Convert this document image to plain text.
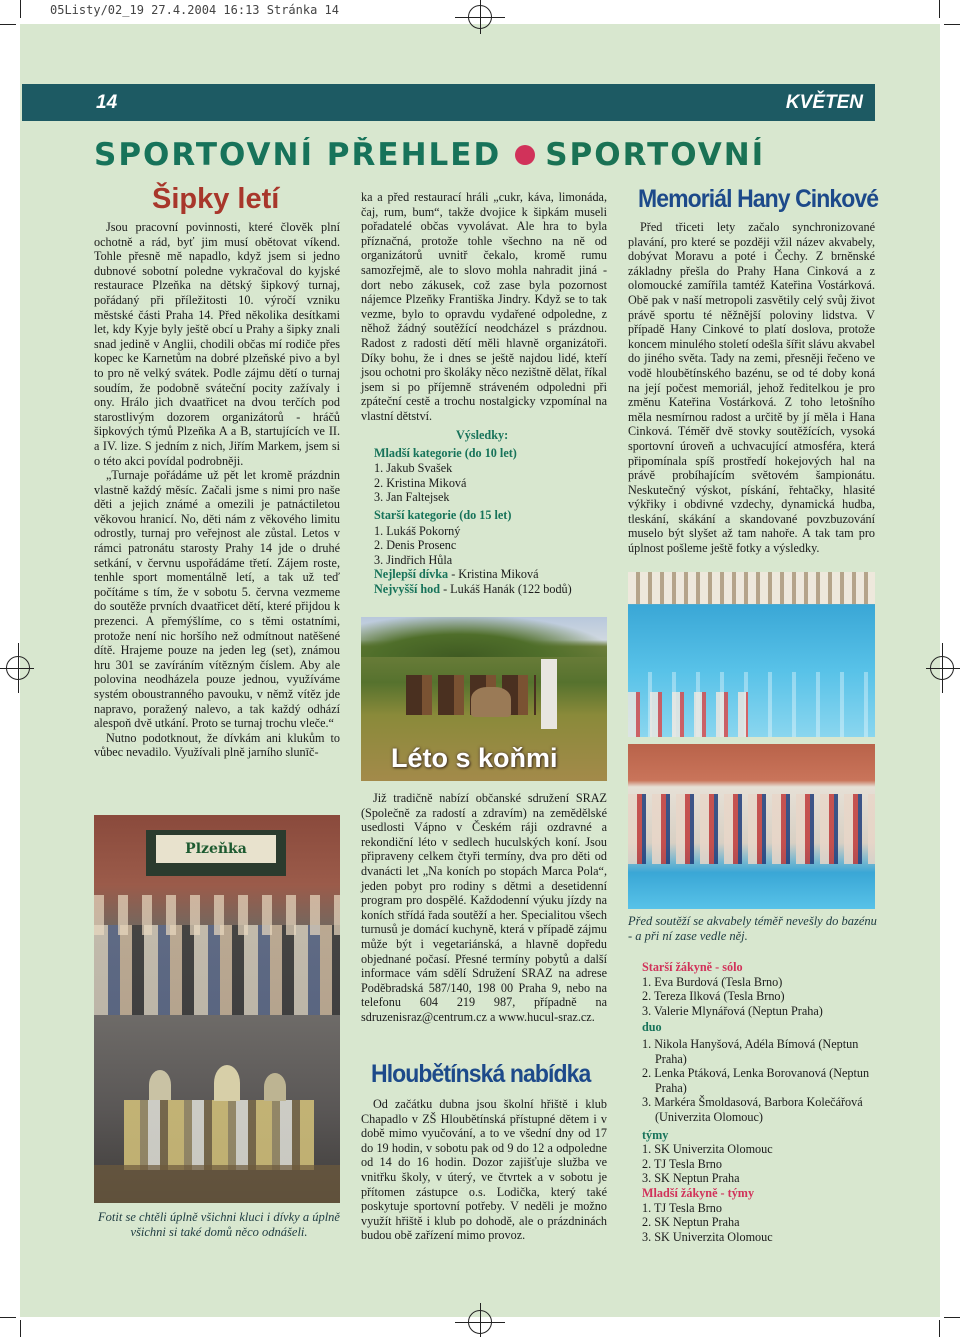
05Listy/02_19 27.4.2004 16:13 Stránka 14
14	KVĚTEN
SPORTOVNÍ PŘEHLED SPORTOVNÍ
Šipky letí

Jsou pracovní povinnosti, které člověk plní ochotně a rád, byť jim musí obětovat víkend. Tohle přesně mě napadlo, když jsem si jedno dubnové sobotní poledne vykračoval do kyjské restaurace Plzeňka na dětský šipkový turnaj, pořádaný při příležitosti 10. výročí vzniku městské části Praha 14. Před několika desítkami let, kdy Kyje byly ještě obcí u Prahy a šipky znali snad jedině v Anglii, chodili občas mí rodiče přes kopec ke Karnetům na dobré plzeňské pivo a byl to pro ně velký svátek. Podle zájmu dětí o turnaj soudím, že podobně sváteční pocity zažívaly i ony. Hrálo jich dvaatřicet na dvou terčích pod starostlivým dozorem organizátorů - hráčů šipkových týmů Plzeňka A a B, startujících ve II. a IV. lize. S jedním z nich, Jiřím Markem, jsem si o této akci povídal podrobněji.

„Turnaje pořádáme už pět let kromě prázdnin vlastně každý měsíc. Začali jsme s nimi pro naše děti a jejich známé a omezili je patnáctiletou věkovou hranicí. No, děti nám z věkového limitu odrostly, turnaj pro veřejnost ale zůstal. Letos v rámci patronátu starosty Prahy 14 jde o druhé setkání, v červnu uspořádáme třetí. Zájem roste, tenhle sport momentálně letí, a tak už teď počítáme s tím, že v sobotu 5. června vezmeme do soutěže prvních dvaatřicet dětí, které přijdou k prezenci. A přemýšlíme, co s těmi ostatními, protože není nic horšího než odmítnout natěšené dítě. Hrajeme pouze na jeden leg (set), známou hru 301 se zavíráním vítězným číslem. Aby ale polovina neodházela pouze jednou, využíváme systém oboustranného pavouku, v němž vítěz jde napravo, poražený nalevo, a tak každý odhází alespoň dvě utkání. Proto se turnaj trochu vleče.“

Nutno podotknout, že dívkám ani klukům to vůbec nevadilo. Využívali plně jarního slunīč-

Plzeňka
Fotit se chtěli úplně všichni kluci i dívky a úplně všichni si také domů něco odnášeli.

ka a před restaurací hráli „cukr, káva, limonáda, čaj, rum, bum“, takže dvojice k šipkám museli pořadatelé občas vyvolávat. Ale hra to byla příznačná, protože tohle všechno na ně od organizátorů uvnitř čekalo, kromě rumu samozřejmě, ale to slovo mohla nahradit jiná - dort nebo zákusek, což zase byla pozornost nájemce Plzeňky Františka Jindry. Když se to tak vezme, bylo to opravdu vydařené odpoledne, z něhož žádný soutěžící neodcházel s prázdnou. Radost z radosti dětí měli hlavně organizátoři. Díky bohu, že i dnes se ještě najdou lidé, kteří jsou ochotni pro školáky něco nezištně dělat, říkal jsem si po příjemně stráveném odpoledni při zpáteční cestě a trochu nostalgicky vzpomínal na vlastní dětství.

Výsledky:
Mladší kategorie (do 10 let)
1. Jakub Svašek
2. Kristina Miková
3. Jan Faltejsek
Starší kategorie (do 15 let)
1. Lukáš Pokorný
2. Denis Prosenc
3. Jindřich Hůla
Nejlepší dívka - Kristina Miková
Nejvyšší hod - Lukáš Hanák (122 bodů)
Léto s koňmi

Již tradičně nabízí občanské sdružení SRAZ (Společně za radostí a zdravím) na zemědělské usedlosti Vápno v Českém ráji ozdravné a rekondiční léto v sedlech huculských koní. Jsou připraveny celkem čtyři termíny, dva pro děti od dvanácti let „Na koních po stopách Marca Pola“, jeden pobyt pro rodiny s dětmi a desetidenní program pro dospělé. Každodenní výuku jízdy na koních střídá řada soutěží a her. Specialitou všech turnusů je domácí kuchyně, která v případě zájmu může být i vegetariánská, a hlavně dopředu objednané počasí. Přesné termíny pobytů a další informace vám sdělí Sdružení SRAZ na adrese Poděbradská 587/140, 198 00 Praha 9, nebo na telefonu 604 219 987, případně na sdruzenisraz@centrum.cz a www.hucul-sraz.cz.

Hloubětínská nabídka

Od začátku dubna jsou školní hřiště i klub Chapadlo v ZŠ Hloubětínská přístupné dětem i v době mimo vyučování, a to ve všední dny od 17 do 19 hodin, v sobotu pak od 9 do 12 a odpoledne od 14 do 16 hodin. Dozor zajišťuje služba ve vnitřku školy, v úterý, ve čtvrtek a v sobotu je přítomen zástupce o.s. Lodička, který také poskytuje sportovní potřeby. V neděli je možno využít hřiště i klub po dohodě, ale o prázdninách budou obě zařízení mimo provoz.

Memoriál Hany Cinkové

Před třiceti lety začalo synchronizované plavání, pro které se později vžil název akvabely, dobývat Moravu a poté i Čechy. Z brněnské základny přešla do Prahy Hana Cinková a z olomoucké zamířila tamtéž Kateřina Vostárková. Obě pak v naší metropoli zasvětily celý svůj život právě sportu té něžnější poloviny lidstva. V případě Hany Cinkové to platí doslova, protože koncem minulého století odešla šířit slávu akvabel do jiného světa. Tady na zemi, přesněji řečeno ve vodě hloubětínského bazénu, se od té doby koná na její počest memoriál, jehož ředitelkou je pro změnu Kateřina Vostárková. Z toho letošního měla nesmírnou radost a určitě by jí měla i Hana Cinková. Téměř dvě stovky soutěžících, vysoká sportovní úroveň a uchvacující atmosféra, která připomínala spíš prostředí hokejových hal na právě probíhajícím světovém šampionátu. Neskutečný výskot, pískání, řehtačky, hlasité výkřiky i obdivné vzdechy, dynamická hudba, tleskání, skákání a skandované povzbuzování muselo být slyšet až tam nahoře. A tak tam pro úplnost pošleme ještě fotky a výsledky.

Před soutěží se akvabely téměř nevešly do bazénu - a při ní zase vedle něj.
Starší žákyně - sólo
1. Eva Burdová (Tesla Brno)
2. Tereza Ilková (Tesla Brno)
3. Valerie Mlynářová (Neptun Praha)
duo
1. Nikola Hanyšová, Adéla Bímová (Neptun Praha)
2. Lenka Ptáková, Lenka Borovanová (Neptun Praha)
3. Markéra Šmoldasová, Barbora Kolečářová (Univerzita Olomouc)
týmy
1. SK Univerzita Olomouc
2. TJ Tesla Brno
3. SK Neptun Praha
Mladší žákyně - týmy
1. TJ Tesla Brno
2. SK Neptun Praha
3. SK Univerzita Olomouc
